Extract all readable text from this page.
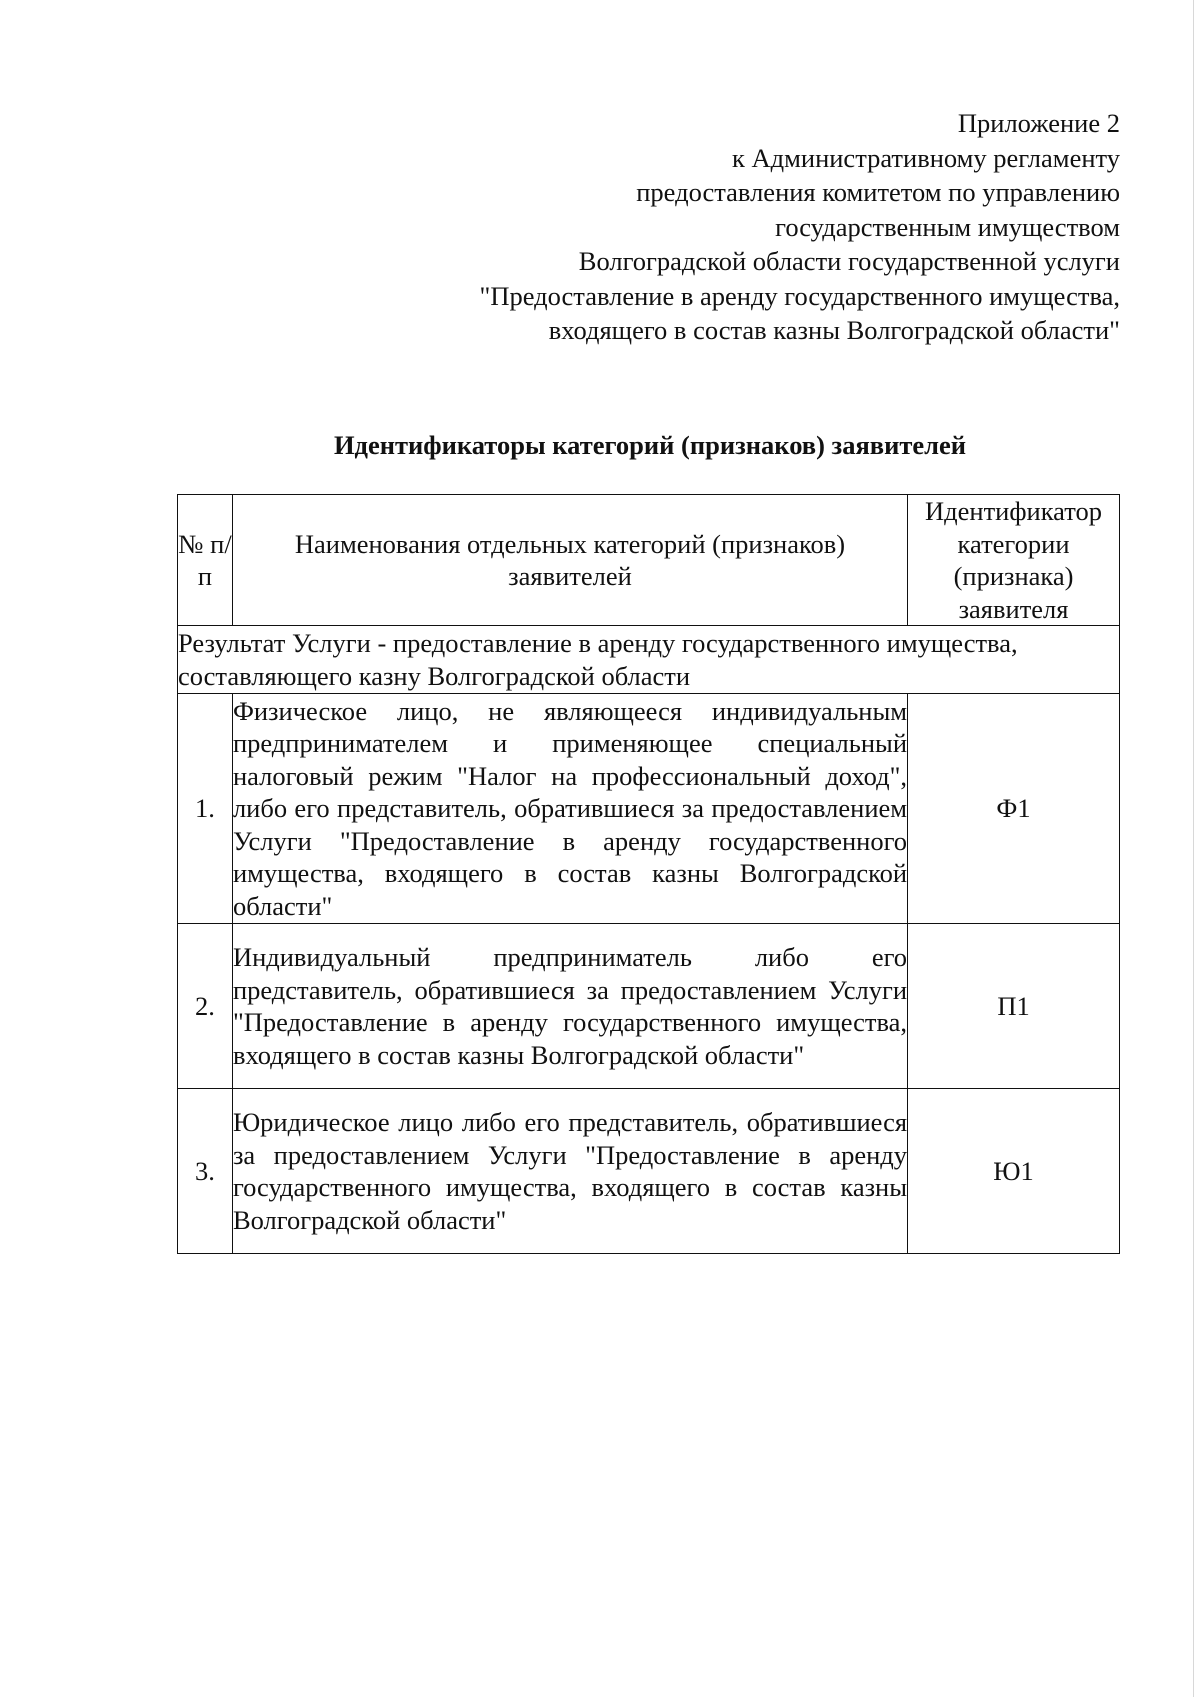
Приложение 2
к Административному регламенту
предоставления комитетом по управлению
государственным имуществом
Волгоградской области государственной услуги
"Предоставление в аренду государственного имущества,
входящего в состав казны Волгоградской области"
Идентификаторы категорий (признаков) заявителей
№ п/п	Наименования отдельных категорий (признаков) заявителей	Идентификатор категории (признака) заявителя
Результат Услуги - предоставление в аренду государственного имущества, составляющего казну Волгоградской области		
1.	Физическое лицо, не являющееся индивидуальным предпринимателем и применяющее специальный налоговый режим "Налог на профессиональный доход", либо его представитель, обратившиеся за предоставлением Услуги "Предоставление в аренду государственного имущества, входящего в состав казны Волгоградской области"	Ф1
2.	Индивидуальный предприниматель либо его представитель, обратившиеся за предоставлением Услуги "Предоставление в аренду государственного имущества, входящего в состав казны Волгоградской области"	П1
3.	Юридическое лицо либо его представитель, обратившиеся за предоставлением Услуги "Предоставление в аренду государственного имущества, входящего в состав казны Волгоградской области"	Ю1
